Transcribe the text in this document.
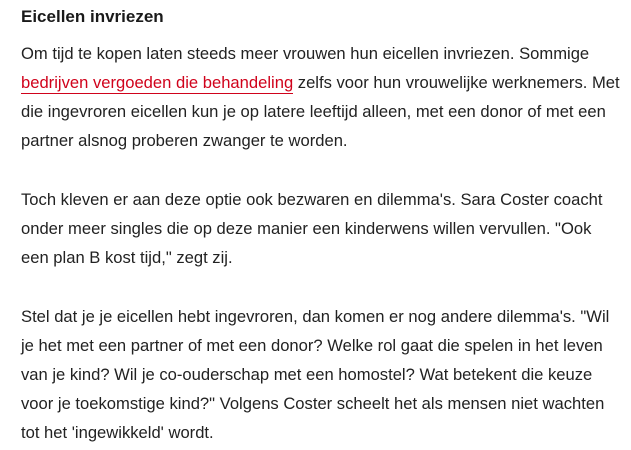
Eicellen invriezen

Om tijd te kopen laten steeds meer vrouwen hun eicellen invriezen. Sommige bedrijven vergoeden die behandeling zelfs voor hun vrouwelijke werknemers. Met die ingevroren eicellen kun je op latere leeftijd alleen, met een donor of met een partner alsnog proberen zwanger te worden.

Toch kleven er aan deze optie ook bezwaren en dilemma's. Sara Coster coacht onder meer singles die op deze manier een kinderwens willen vervullen. "Ook een plan B kost tijd," zegt zij.

Stel dat je je eicellen hebt ingevroren, dan komen er nog andere dilemma's. "Wil je het met een partner of met een donor? Welke rol gaat die spelen in het leven van je kind? Wil je co-ouderschap met een homostel? Wat betekent die keuze voor je toekomstige kind?" Volgens Coster scheelt het als mensen niet wachten tot het 'ingewikkeld' wordt.
